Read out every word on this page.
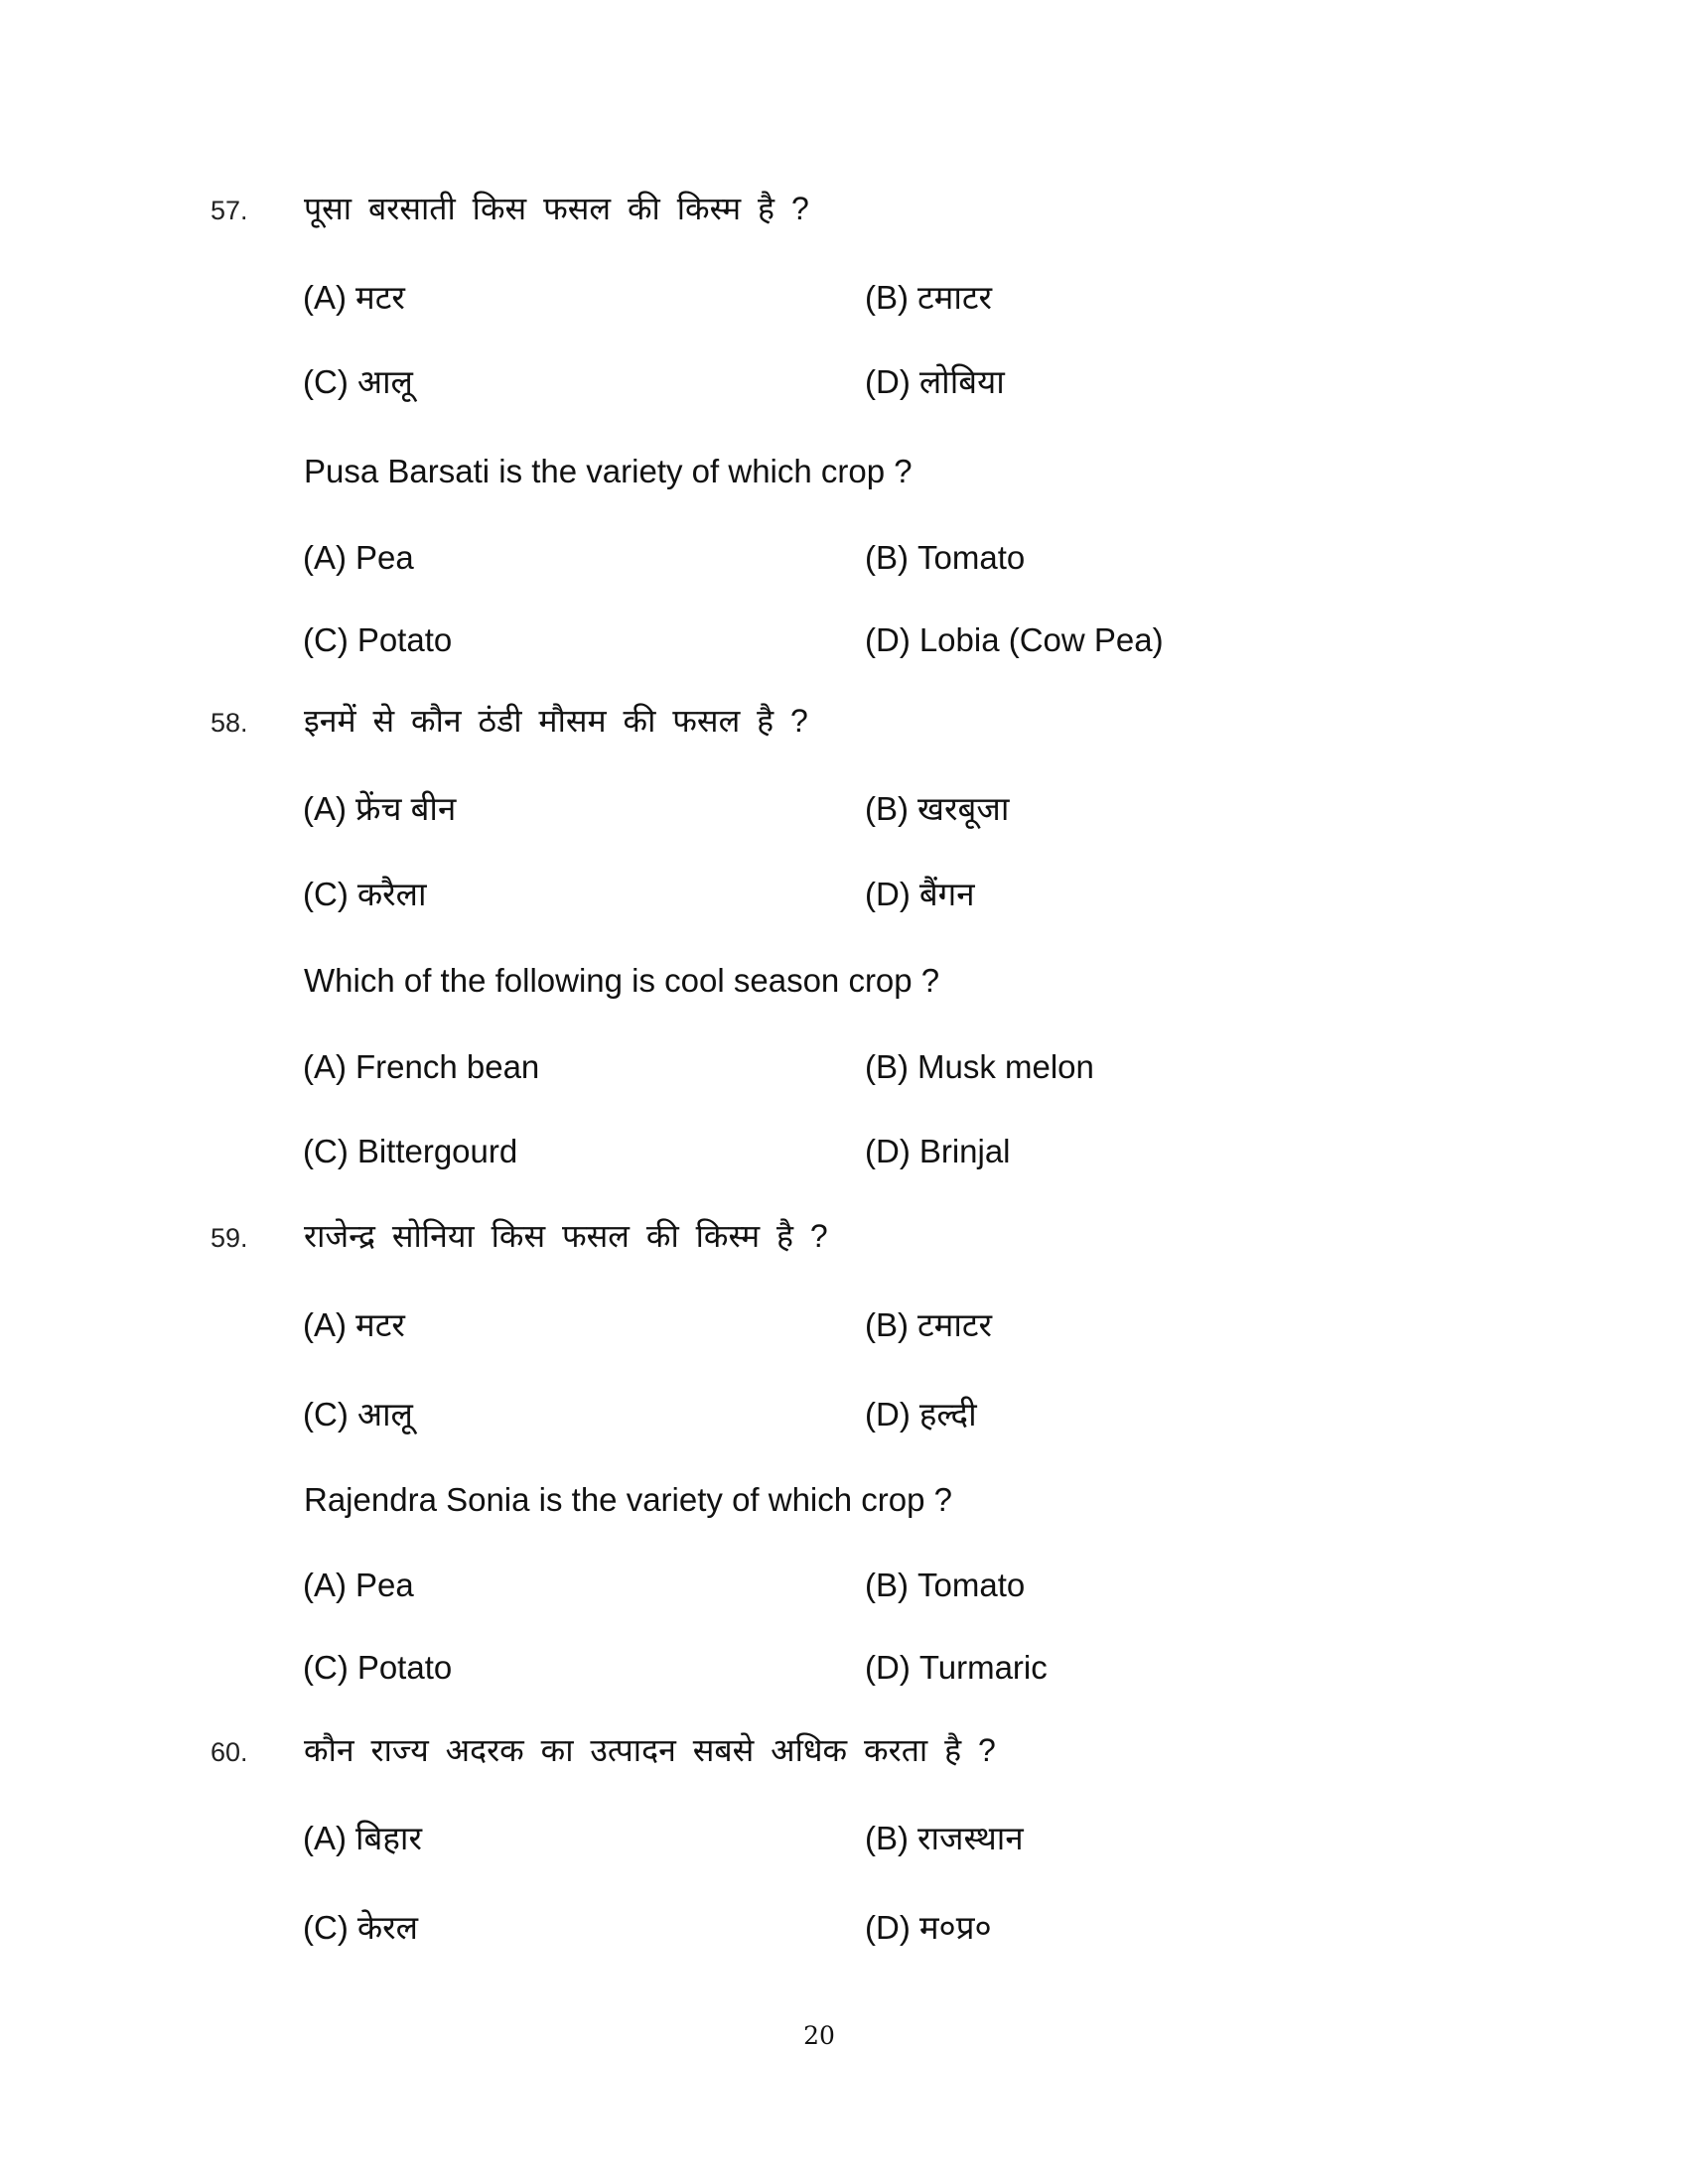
57. पूसा बरसाती किस फसल की किस्म है ?
(A) मटर	(B) टमाटर
(C) आलू	(D) लोबिया
Pusa Barsati is the variety of which crop ?
(A) Pea	(B) Tomato
(C) Potato	(D) Lobia (Cow Pea)
58. इनमें से कौन ठंडी मौसम की फसल है ?
(A) फ्रेंच बीन	(B) खरबूजा
(C) करैला	(D) बैंगन
Which of the following is cool season crop ?
(A) French bean	(B) Musk melon
(C) Bittergourd	(D) Brinjal
59. राजेन्द्र सोनिया किस फसल की किस्म है ?
(A) मटर	(B) टमाटर
(C) आलू	(D) हल्दी
Rajendra Sonia is the variety of which crop ?
(A) Pea	(B) Tomato
(C) Potato	(D) Turmaric
60. कौन राज्य अदरक का उत्पादन सबसे अधिक करता है ?
(A) बिहार	(B) राजस्थान
(C) केरल	(D) म०प्र०
20
